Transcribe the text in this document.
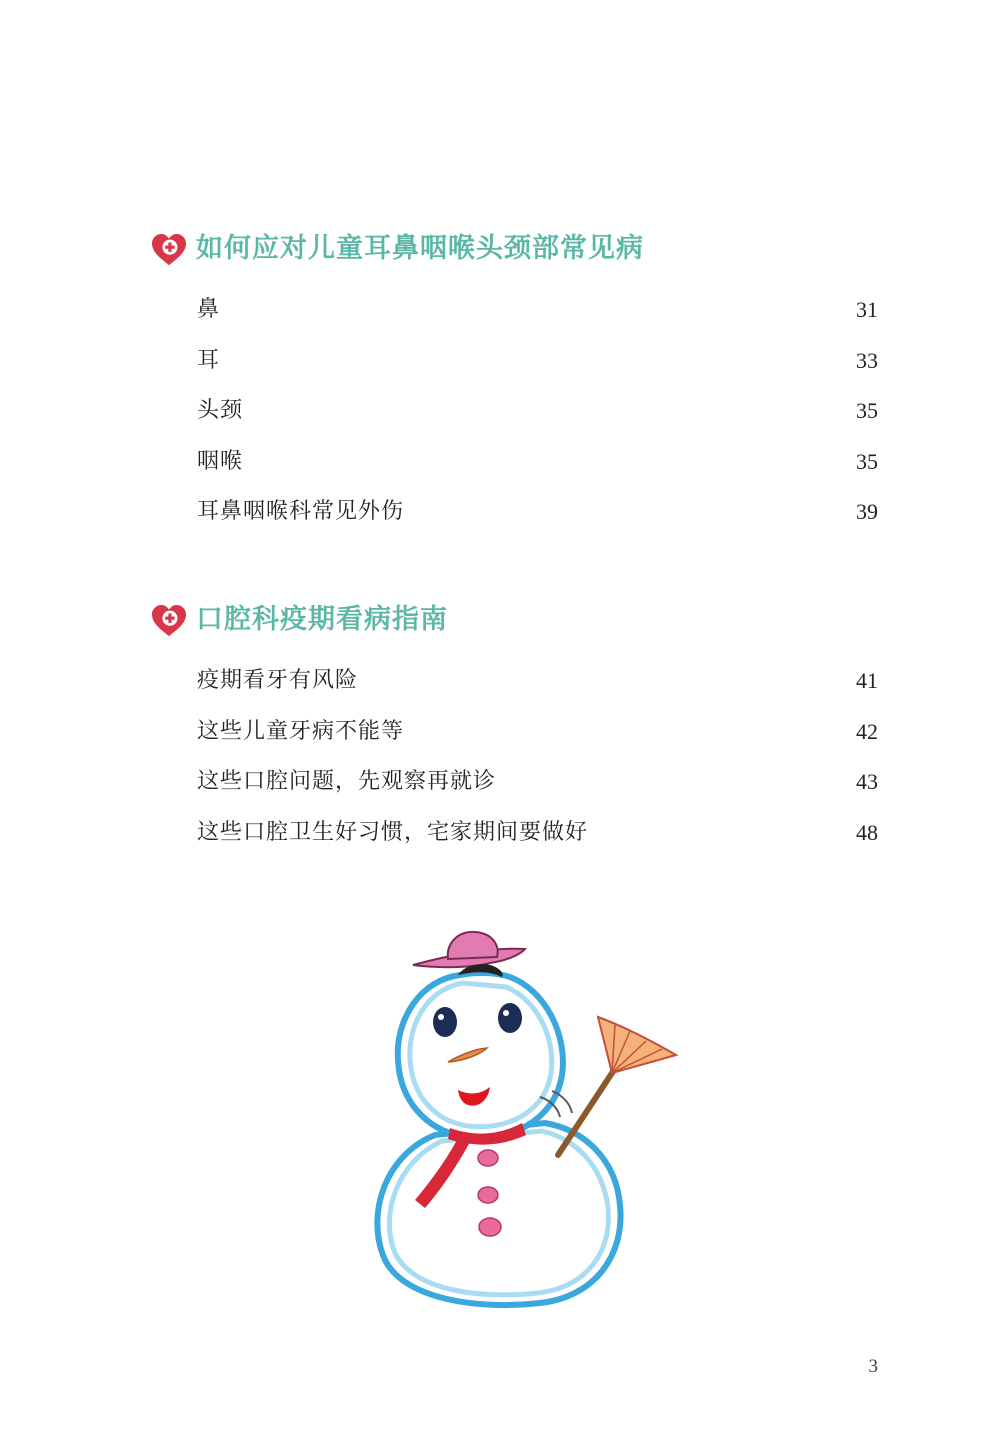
如何应对儿童耳鼻咽喉头颈部常见病
鼻	31
耳	33
头颈	35
咽喉	35
耳鼻咽喉科常见外伤	39
口腔科疫期看病指南
疫期看牙有风险	41
这些儿童牙病不能等	42
这些口腔问题，先观察再就诊	43
这些口腔卫生好习惯，宅家期间要做好	48
3
